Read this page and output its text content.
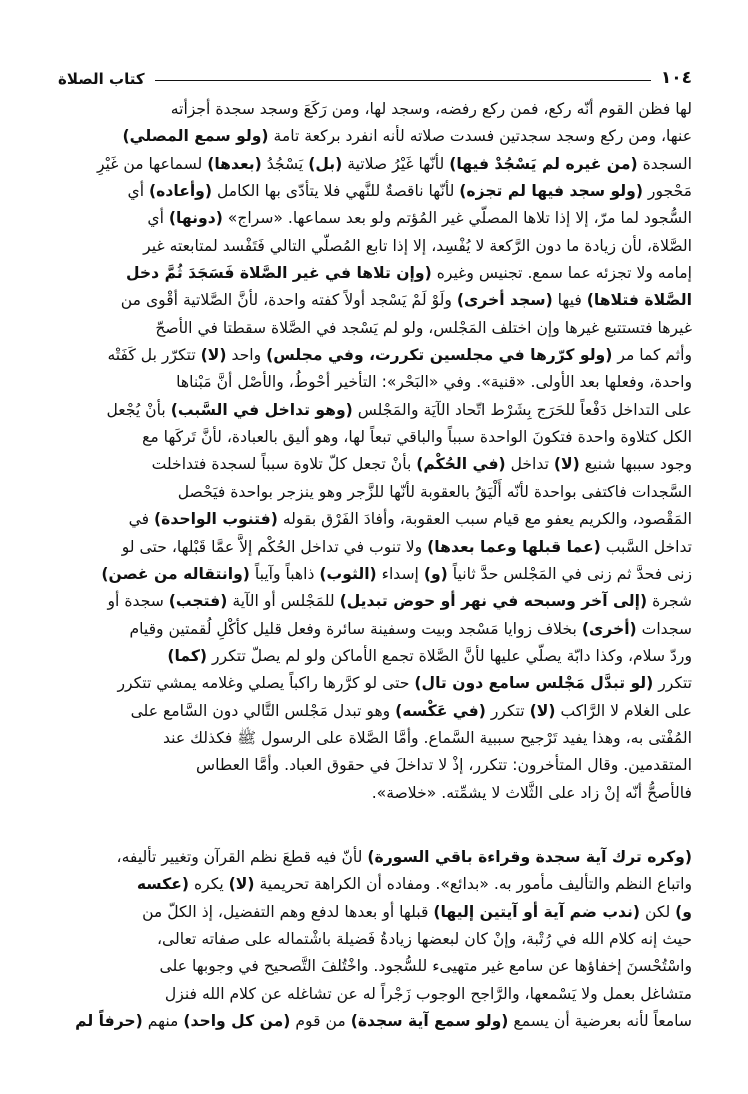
كتاب الصلاة	١٠٤
لها فظن القوم أنّه ركع، فمن ركع رفضه، وسجد لها، ومن رَكَعَ وسجد سجدة أجزأته
عنها، ومن ركع وسجد سجدتين فسدت صلاته لأنه انفرد بركعة تامة (ولو سمع المصلي)
السجدة (من غيره لم يَسْجُدْ فيها) لأنّها غَيْرُ صلاتية (بل) يَسْجُدُ (بعدها) لسماعها من غَيْرِ
مَحْجور (ولو سجد فيها لم تجزه) لأنّها ناقصةٌ للنَّهي فلا يتأدّى بها الكامل (وأعاده) أي
السُّجود لما مرّ، إلا إذا تلاها المصلّي غير المُؤتم ولو بعد سماعها. «سراج» (دونها) أي
الصَّلاة، لأن زيادة ما دون الرَّكعة لا يُفْسِد، إلا إذا تابع المُصلّي التالي فَتَفْسد لمتابعته غير
إمامه ولا تجزئه عما سمع. تجنيس وغيره (وإن تلاها في غير الصَّلاة فَسَجَدَ ثُمَّ دخل
الصَّلاة فتلاها) فيها (سجد أخرى) ولَوْ لَمْ يَسْجد أولاً كفته واحدة، لأنَّ الصَّلاتية أقْوى من
غيرها فتستتبع غيرها وإن اختلف المَجْلس، ولو لم يَسْجد في الصَّلاة سقطتا في الأصحّ
وأثم كما مر (ولو كرّرها في مجلسين تكررت، وفي مجلس) واحد (لا) تتكرّر بل كَفَتْه
واحدة، وفعلها بعد الأولى. «قنية». وفي «البَحْر»: التأخير أحْوطُ، والأصْل أنَّ مَبْناها
على التداخل دَفْعاً للحَرَج بِشَرْط اتّحاد الآيَة والمَجْلس (وهو تداخل في السَّبب) بأنْ يُجْعل
الكل كتلاوة واحدة فتكونَ الواحدة سبباً والباقي تبعاً لها، وهو أليق بالعبادة، لأنَّ تَركَها مع
وجود سببها شنيع (لا) تداخل (في الحُكْم) بأنْ تجعل كلّ تلاوة سبباً لسجدة فتداخلت
السَّجدات فاكتفى بواحدة لأنّه أَلْيَقُ بالعقوبة لأنّها للزَّجر وهو ينزجر بواحدة فيَحْصل
المَقْصود، والكريم يعفو مع قيام سبب العقوبة، وأفادَ الفَرْق بقوله (فتنوب الواحدة) في
تداخل السَّبب (عما قبلها وعما بعدها) ولا تنوب في تداخل الحُكْم إلاَّ عمَّا قَبْلها، حتى لو
زنى فحدَّ ثم زنى في المَجْلس حدَّ ثانياً (و) إسداء (الثوب) ذاهباً وآيباً (وانتقاله من غصن)
شجرة (إلى آخر وسبحه في نهر أو حوض تبديل) للمَجْلس أو الآية (فتجب) سجدة أو
سجدات (أخرى) بخلاف زوايا مَسْجد وبيت وسفينة سائرة وفعل قليل كأكْلِ لُقمتين وقيام
وردّ سلام، وكذا دابّة يصلّي عليها لأنَّ الصَّلاة تجمع الأماكن ولو لم يصلّ تتكرر (كما)
تتكرر (لو تبدَّل مَجْلس سامع دون تال) حتى لو كرَّرها راكباً يصلي وغلامه يمشي تتكرر
على الغلام لا الرَّاكب (لا) تتكرر (في عَكْسه) وهو تبدل مَجْلس التَّالي دون السَّامع على
المُفْتى به، وهذا يفيد تَرْجيح سببية السَّماع. وأمَّا الصَّلاة على الرسول ﷺ فكذلك عند
المتقدمين. وقال المتأخرون: تتكرر، إذْ لا تداخلَ في حقوق العباد. وأمَّا العطاس
فالأصحُّ أنّه إنْ زاد على الثَّلاث لا يشمِّته. «خلاصة».
(وكره ترك آية سجدة وقراءة باقي السورة) لأنّ فيه قطعَ نظم القرآن وتغيير تأليفه،
واتباع النظم والتأليف مأمور به. «بدائع». ومفاده أن الكراهة تحريمية (لا) يكره (عكسه
و) لكن (ندب ضم آية أو آيتين إليها) قبلها أو بعدها لدفع وهم التفضيل، إذ الكلّ من
حيث إنه كلام الله في رُتْبة، وإنْ كان لبعضها زيادةُ فَضيلة باشْتماله على صفاته تعالى،
واسْتُحْسنَ إخفاؤها عن سامع غير متهيىء للسُّجود. واخْتُلفَ التَّصحيح في وجوبها على
متشاغل بعمل ولا يَسْمعها، والرَّاجح الوجوب زَجْراً له عن تشاغله عن كلام الله فنزل
سامعاً لأنه بعرضية أن يسمع (ولو سمع آية سجدة) من قوم (من كل واحد) منهم (حرفاً لم
